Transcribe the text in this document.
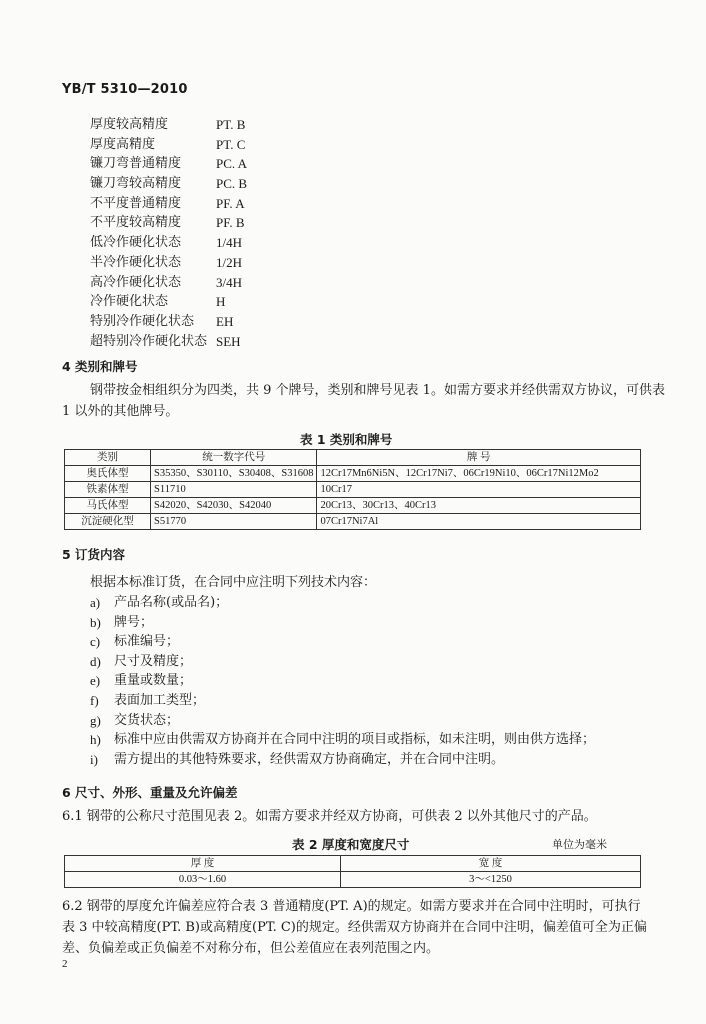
YB/T 5310—2010
厚度较高精度	PT. B
厚度高精度	PT. C
镰刀弯普通精度	PC. A
镰刀弯较高精度	PC. B
不平度普通精度	PF. A
不平度较高精度	PF. B
低冷作硬化状态	1/4H
半冷作硬化状态	1/2H
高冷作硬化状态	3/4H
冷作硬化状态	H
特别冷作硬化状态	EH
超特别冷作硬化状态 SEH
4 类别和牌号
钢带按金相组织分为四类，共 9 个牌号，类别和牌号见表 1。如需方要求并经供需双方协议，可供表
1 以外的其他牌号。
表 1 类别和牌号
类别	统一数字代号	牌 号
奥氏体型	S35350、S30110、S30408、S31608	12Cr17Mn6Ni5N、12Cr17Ni7、06Cr19Ni10、06Cr17Ni12Mo2
铁素体型	S11710	10Cr17
马氏体型	S42020、S42030、S42040	20Cr13、30Cr13、40Cr13
沉淀硬化型	S51770	07Cr17Ni7Al
5 订货内容
根据本标准订货，在合同中应注明下列技术内容：
a)	产品名称(或品名)；
b)	牌号；
c)	标准编号；
d)	尺寸及精度；
e)	重量或数量；
f)	表面加工类型；
g)	交货状态；
h)	标准中应由供需双方协商并在合同中注明的项目或指标，如未注明，则由供方选择；
i)	需方提出的其他特殊要求，经供需双方协商确定，并在合同中注明。
6 尺寸、外形、重量及允许偏差
6.1 钢带的公称尺寸范围见表 2。如需方要求并经双方协商，可供表 2 以外其他尺寸的产品。
表 2 厚度和宽度尺寸	单位为毫米
厚 度	宽 度
0.03～1.60	3～<1250
6.2 钢带的厚度允许偏差应符合表 3 普通精度(PT. A)的规定。如需方要求并在合同中注明时，可执行
表 3 中较高精度(PT. B)或高精度(PT. C)的规定。经供需双方协商并在合同中注明，偏差值可全为正偏
差、负偏差或正负偏差不对称分布，但公差值应在表列范围之内。
2
